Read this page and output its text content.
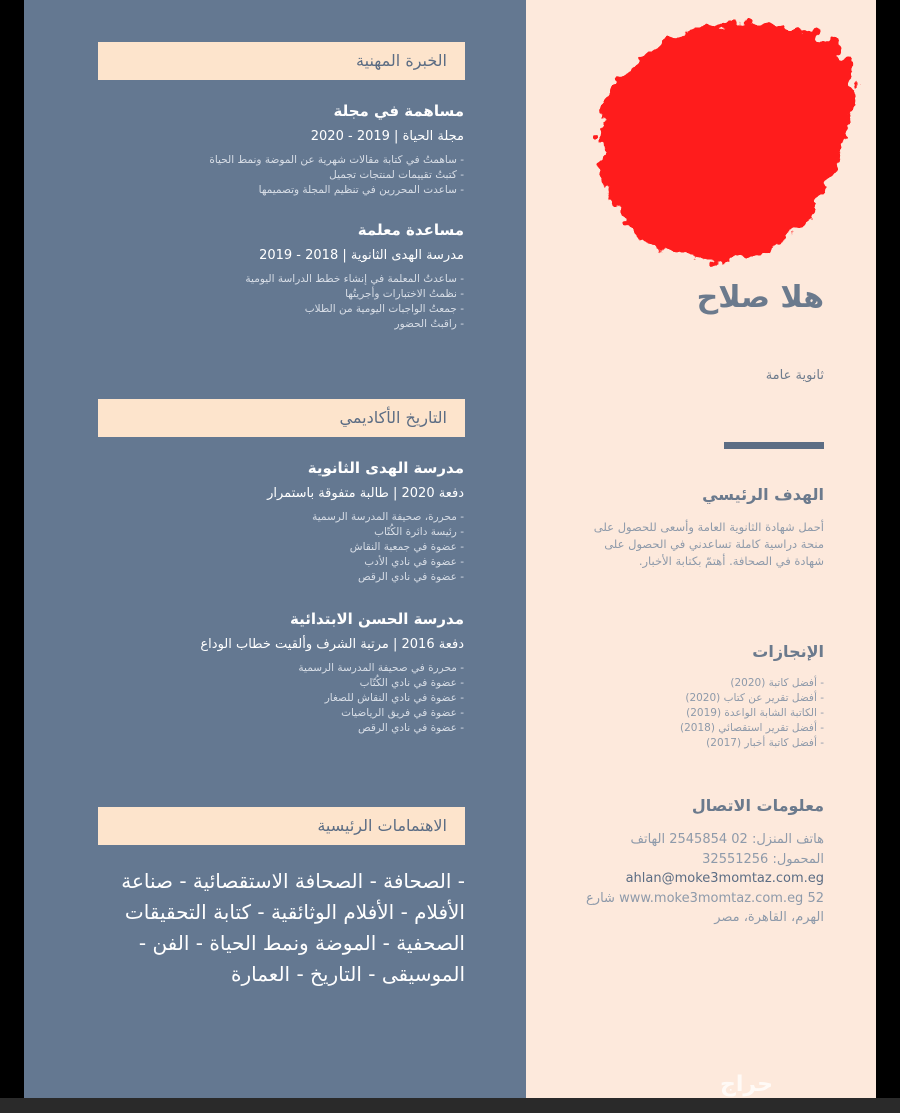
الخبرة المهنية
مساهمة في مجلة
مجلة الحياة | 2019 - 2020
- ساهمتُ في كتابة مقالات شهرية عن الموضة ونمط الحياة
- كتبتُ تقييمات لمنتجات تجميل
- ساعدت المحررين في تنظيم المجلة وتصميمها
مساعدة معلمة
مدرسة الهدى الثانوية | 2018 - 2019
- ساعدتُ المعلمة في إنشاء خطط الدراسة اليومية
- نظمتُ الاختبارات وأجريتُها
- جمعتُ الواجبات اليومية من الطلاب
- راقبتُ الحضور
التاريخ الأكاديمي
مدرسة الهدى الثانوية
دفعة 2020 | طالبة متفوقة باستمرار
- محررة، صحيفة المدرسة الرسمية
- رئيسة دائرة الكُتّاب
- عضوة في جمعية النقاش
- عضوة في نادي الأدب
- عضوة في نادي الرقص
مدرسة الحسن الابتدائية
دفعة 2016 | مرتبة الشرف وألقيت خطاب الوداع
- محررة في صحيفة المدرسة الرسمية
- عضوة في نادي الكُتّاب
- عضوة في نادي النقاش للصغار
- عضوة في فريق الرياضيات
- عضوة في نادي الرقص
الاهتمامات الرئيسية
- الصحافة - الصحافة الاستقصائية - صناعة الأفلام - الأفلام الوثائقية - كتابة التحقيقات الصحفية - الموضة ونمط الحياة - الفن - الموسيقى - التاريخ - العمارة
هلا صلاح
ثانوية عامة
الهدف الرئيسي
أحمل شهادة الثانوية العامة وأسعى للحصول على منحة دراسية كاملة تساعدني في الحصول على شهادة في الصحافة. أهتمّ بكتابة الأخبار.
الإنجازات
- أفضل كاتبة (2020)
- أفضل تقرير عن كتاب (2020)
- الكاتبة الشابة الواعدة (2019)
- أفضل تقرير استقصائي (2018)
- أفضل كاتبة أخبار (2017)
معلومات الاتصال
هاتف المنزل: 02 2545854 الهاتف
المحمول: 32551256
ahlan@moke3momtaz.com.eg
52 www.moke3momtaz.com.eg شارع
الهرم، القاهرة، مصر
حراج
